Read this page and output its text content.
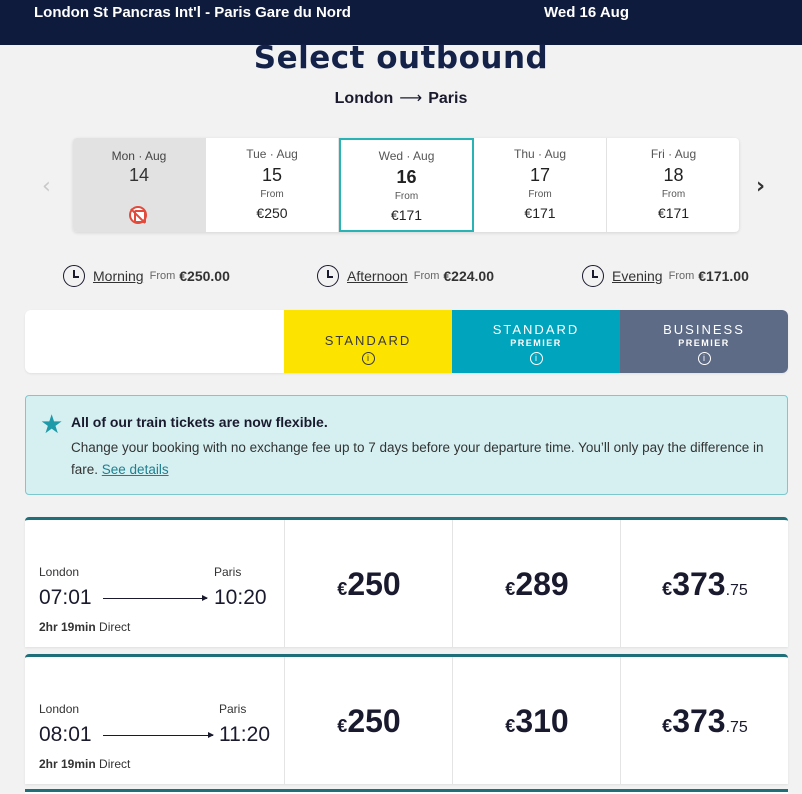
London St Pancras Int'l - Paris Gare du Nord	Wed 16 Aug
Select outbound
London ⟶ Paris
‹	›
Mon · Aug
14
Tue · Aug
15
From
€250
Wed · Aug
16
From
€171
Thu · Aug
17
From
€171
Fri · Aug
18
From
€171
Morning From €250.00	Afternoon From €224.00	Evening From €171.00
STANDARD
i
STANDARD
PREMIER
i
BUSINESS
PREMIER
i
★ All of our train tickets are now flexible.
Change your booking with no exchange fee up to 7 days before your departure time. You’ll only pay the difference in fare. See details
London	Paris
07:01	10:20
2hr 19min Direct
€250	€289	€373.75
London	Paris
08:01	11:20
2hr 19min Direct
€250	€310	€373.75
